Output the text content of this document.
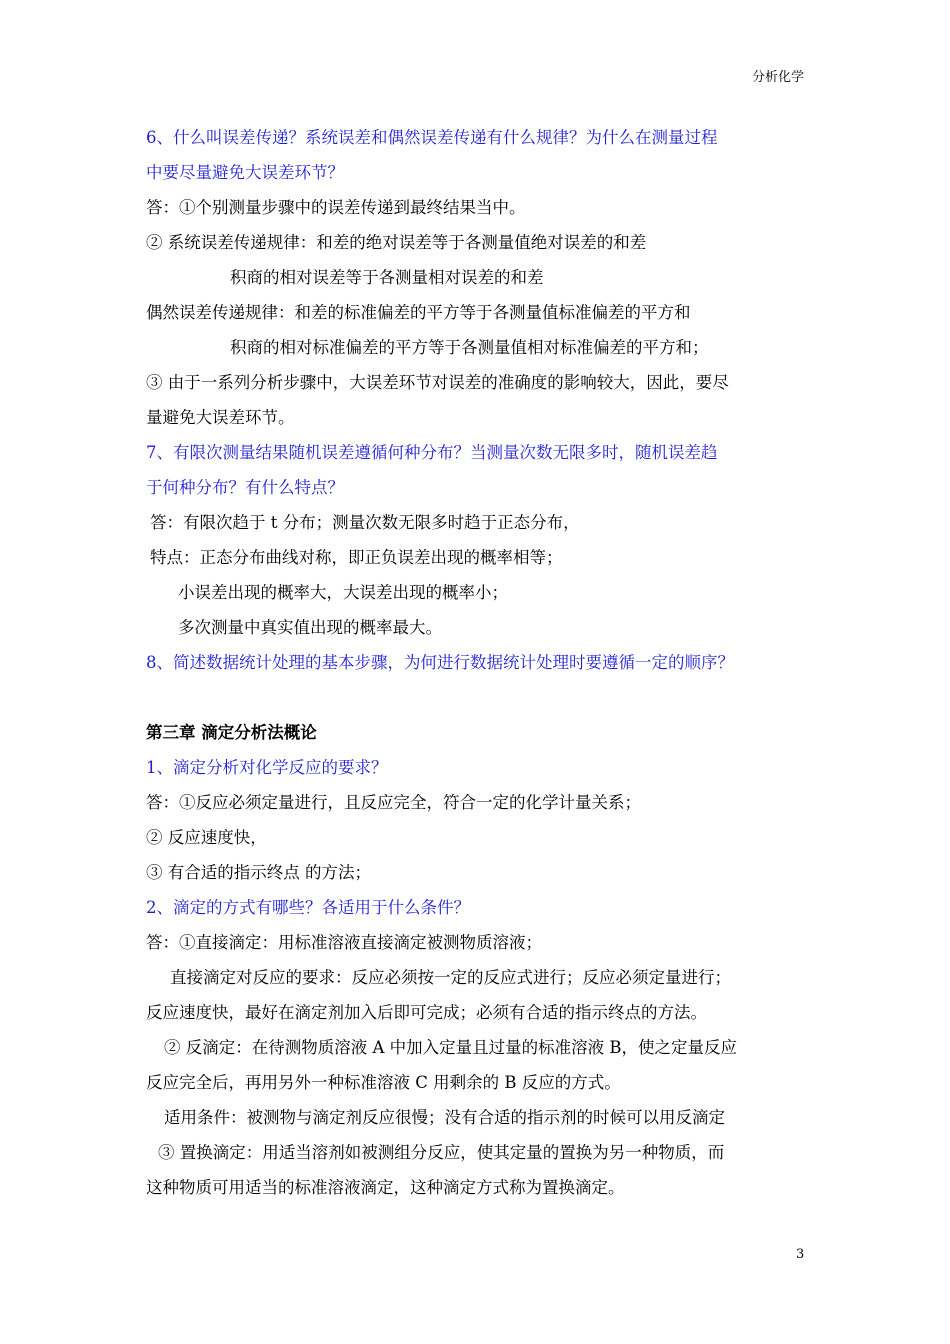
分析化学
6、什么叫误差传递？系统误差和偶然误差传递有什么规律？为什么在测量过程
中要尽量避免大误差环节？
答：①个别测量步骤中的误差传递到最终结果当中。
② 系统误差传递规律：和差的绝对误差等于各测量值绝对误差的和差
积商的相对误差等于各测量相对误差的和差
偶然误差传递规律：和差的标准偏差的平方等于各测量值标准偏差的平方和
积商的相对标准偏差的平方等于各测量值相对标准偏差的平方和；
③ 由于一系列分析步骤中，大误差环节对误差的准确度的影响较大，因此，要尽
量避免大误差环节。
7、有限次测量结果随机误差遵循何种分布？当测量次数无限多时，随机误差趋
于何种分布？有什么特点？
答：有限次趋于 t 分布；测量次数无限多时趋于正态分布，
特点：正态分布曲线对称，即正负误差出现的概率相等；
小误差出现的概率大，大误差出现的概率小；
多次测量中真实值出现的概率最大。
8、简述数据统计处理的基本步骤，为何进行数据统计处理时要遵循一定的顺序？
第三章 滴定分析法概论
1、滴定分析对化学反应的要求？
答：①反应必须定量进行，且反应完全，符合一定的化学计量关系；
② 反应速度快，
③ 有合适的指示终点 的方法；
2、滴定的方式有哪些？各适用于什么条件？
答：①直接滴定：用标准溶液直接滴定被测物质溶液；
直接滴定对反应的要求：反应必须按一定的反应式进行；反应必须定量进行；
反应速度快，最好在滴定剂加入后即可完成；必须有合适的指示终点的方法。
② 反滴定：在待测物质溶液 A 中加入定量且过量的标准溶液 B，使之定量反应
反应完全后，再用另外一种标准溶液 C 用剩余的 B 反应的方式。
适用条件：被测物与滴定剂反应很慢；没有合适的指示剂的时候可以用反滴定
③ 置换滴定：用适当溶剂如被测组分反应，使其定量的置换为另一种物质，而
这种物质可用适当的标准溶液滴定，这种滴定方式称为置换滴定。
3
